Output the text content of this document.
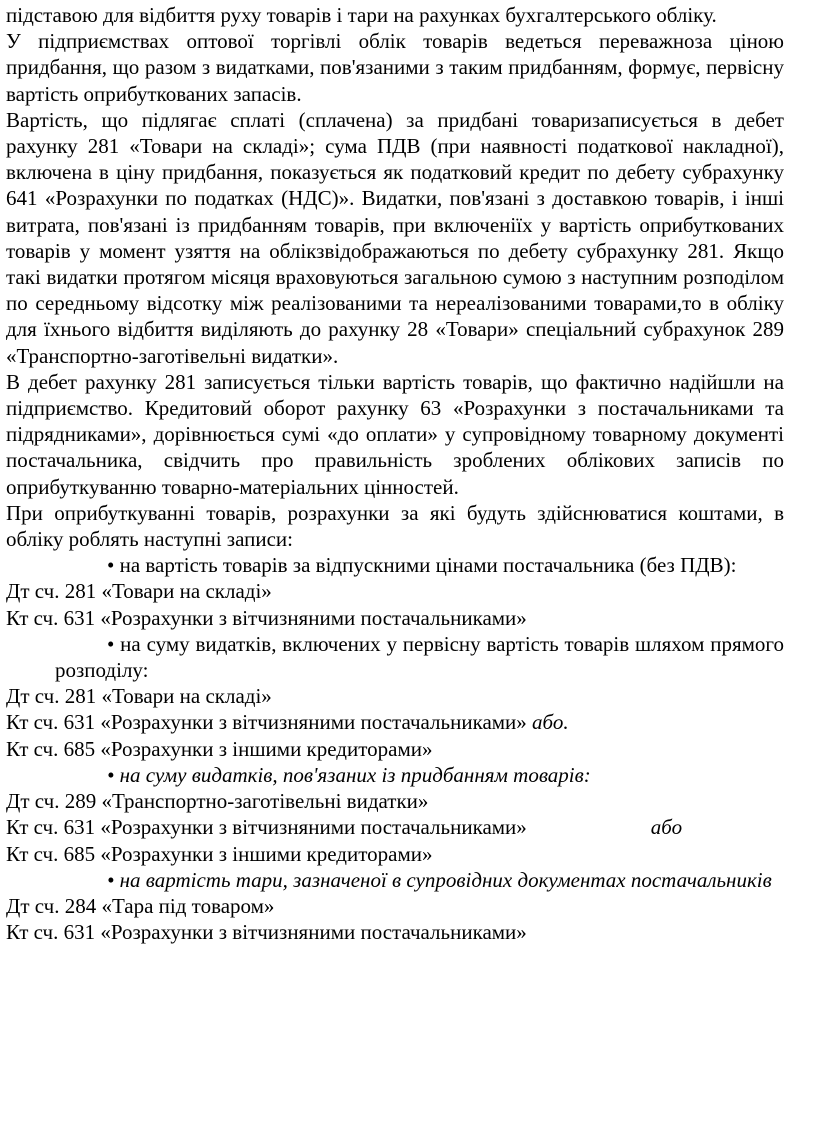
підставою для відбиття руху товарів і тари на рахунках бухгалтерського обліку.

У підприємствах оптової торгівлі облік товарів ведеться переважноза ціною придбання, що разом з видатками, пов'язаними з таким придбанням, формує, первісну вартість оприбуткованих запасів.

Вартість, що підлягає сплаті (сплачена) за придбані товаризаписується в дебет рахунку 281 «Товари на складі»; сума ПДВ (при наявності податкової накладної), включена в ціну придбання, показується як податковий кредит по дебету субрахунку 641 «Розрахунки по податках (НДС)». Видатки, пов'язані з доставкою товарів, і інші витрата, пов'язані із придбанням товарів, при включеніїх у вартість оприбуткованих товарів у момент узяття на облікзвідображаються по дебету субрахунку 281. Якщо такі видатки протягом місяця враховуються загальною сумою з наступним розподілом по середньому відсотку між реалізованими та нереалізованими товарами,то в обліку для їхнього відбиття виділяють до рахунку 28 «Товари» спеціальний субрахунок 289 «Транспортно-заготівельні видатки».

В дебет рахунку 281 записується тільки вартість товарів, що фактично надійшли на підприємство. Кредитовий оборот рахунку 63 «Розрахунки з постачальниками та підрядниками», дорівнюється сумі «до оплати» у супровідному товарному документі постачальника, свідчить про правильність зроблених облікових записів по оприбуткуванню товарно-матеріальних цінностей.

При оприбуткуванні товарів, розрахунки за які будуть здійснюватися коштами, в обліку роблять наступні записи:

• на вартість товарів за відпускними цінами постачальника (без ПДВ):

Дт сч. 281 «Товари на складі»

Кт сч. 631 «Розрахунки з вітчизняними постачальниками»

• на суму видатків, включених у первісну вартість товарів шляхом прямого розподілу:

Дт сч. 281 «Товари на складі»

Кт сч. 631 «Розрахунки з вітчизняними постачальниками» або.

Кт сч. 685 «Розрахунки з іншими кредиторами»

• на суму видатків, пов'язаних із придбанням товарів:

Дт сч. 289 «Транспортно-заготівельні видатки»

Кт сч. 631 «Розрахунки з вітчизняними постачальниками»	або

Кт сч. 685 «Розрахунки з іншими кредиторами»

• на вартість тари, зазначеної в супровідних документах постачальників

Дт сч. 284 «Тара під товаром»

Кт сч. 631 «Розрахунки з вітчизняними постачальниками»
